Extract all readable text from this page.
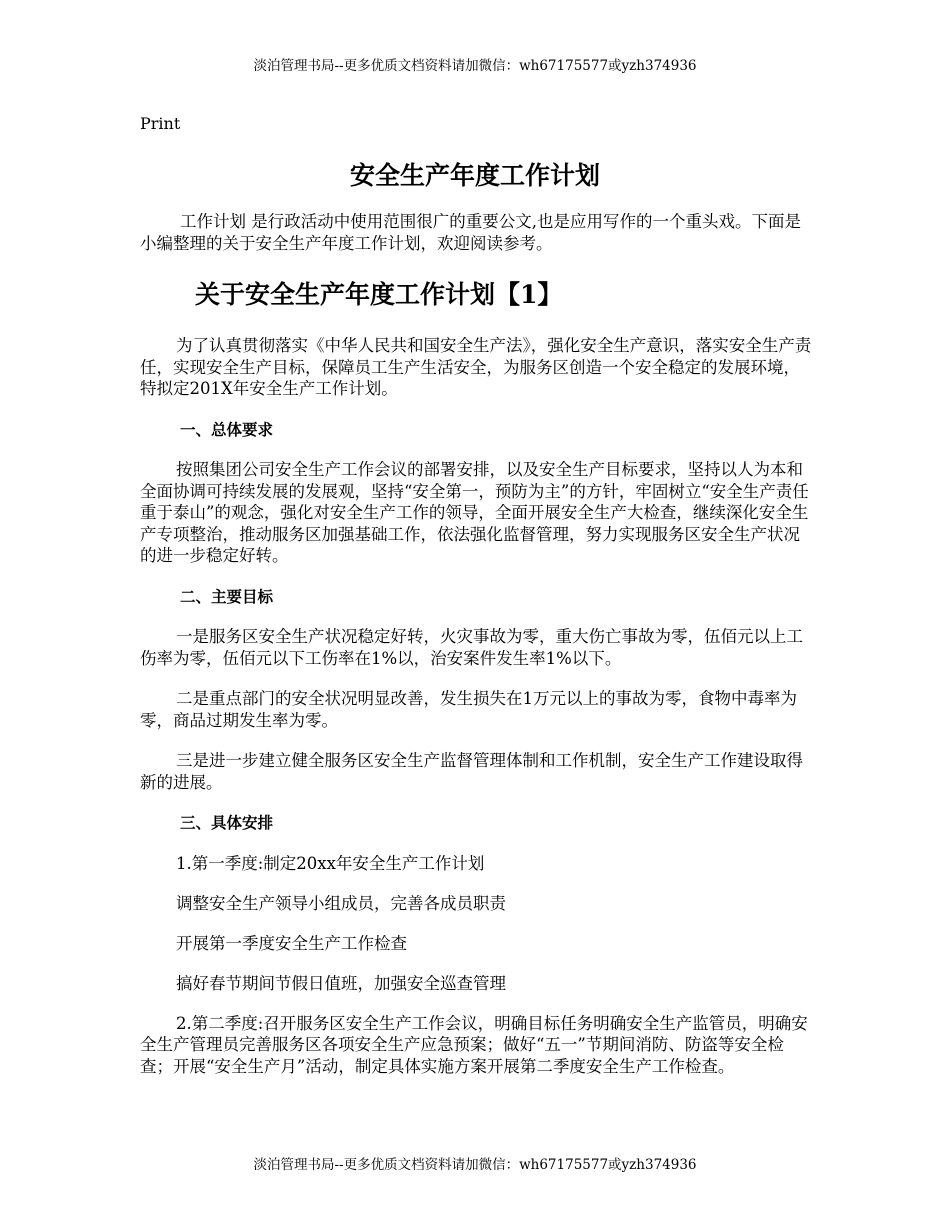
淡泊管理书局--更多优质文档资料请加微信：wh67175577或yzh374936
Print
安全生产年度工作计划

工作计划 是行政活动中使用范围很广的重要公文,也是应用写作的一个重头戏。下面是小编整理的关于安全生产年度工作计划，欢迎阅读参考。

关于安全生产年度工作计划【1】

为了认真贯彻落实《中华人民共和国安全生产法》，强化安全生产意识，落实安全生产责任，实现安全生产目标，保障员工生产生活安全，为服务区创造一个安全稳定的发展环境，特拟定201X年安全生产工作计划。

一、总体要求

按照集团公司安全生产工作会议的部署安排，以及安全生产目标要求，坚持以人为本和全面协调可持续发展的发展观，坚持“安全第一，预防为主”的方针，牢固树立“安全生产责任重于泰山”的观念，强化对安全生产工作的领导，全面开展安全生产大检查，继续深化安全生产专项整治，推动服务区加强基础工作，依法强化监督管理，努力实现服务区安全生产状况的进一步稳定好转。

二、主要目标

一是服务区安全生产状况稳定好转，火灾事故为零，重大伤亡事故为零，伍佰元以上工伤率为零，伍佰元以下工伤率在1%以，治安案件发生率1%以下。

二是重点部门的安全状况明显改善，发生损失在1万元以上的事故为零，食物中毒率为零，商品过期发生率为零。

三是进一步建立健全服务区安全生产监督管理体制和工作机制，安全生产工作建设取得新的进展。

三、具体安排

1.第一季度:制定20xx年安全生产工作计划

调整安全生产领导小组成员，完善各成员职责

开展第一季度安全生产工作检查

搞好春节期间节假日值班，加强安全巡查管理

2.第二季度:召开服务区安全生产工作会议，明确目标任务明确安全生产监管员，明确安全生产管理员完善服务区各项安全生产应急预案；做好“五一”节期间消防、防盗等安全检查；开展“安全生产月”活动，制定具体实施方案开展第二季度安全生产工作检查。

淡泊管理书局--更多优质文档资料请加微信：wh67175577或yzh374936
